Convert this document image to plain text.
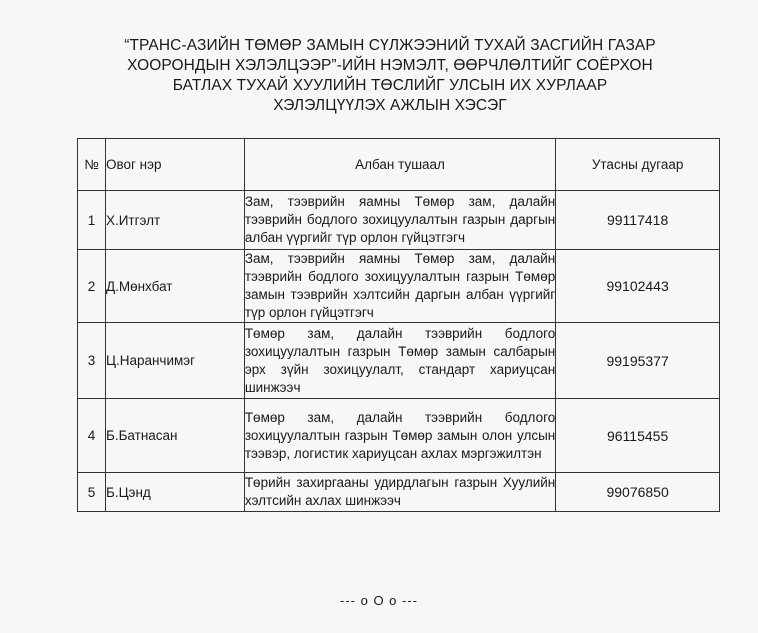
“ТРАНС-АЗИЙН ТӨМӨР ЗАМЫН СҮЛЖЭЭНИЙ ТУХАЙ ЗАСГИЙН ГАЗАР
ХООРОНДЫН ХЭЛЭЛЦЭЭР”-ИЙН НЭМЭЛТ, ӨӨРЧЛӨЛТИЙГ СОЁРХОН
БАТЛАХ ТУХАЙ ХУУЛИЙН ТӨСЛИЙГ УЛСЫН ИХ ХУРЛААР
ХЭЛЭЛЦҮҮЛЭХ АЖЛЫН ХЭСЭГ
№	Овог нэр	Албан тушаал	Утасны дугаар
1	Х.Итгэлт	Зам, тээврийн яамны Төмөр зам, далайн тээврийн бодлого зохицуулалтын газрын даргын албан үүргийг түр орлон гүйцэтгэгч	99117418
2	Д.Мөнхбат	Зам, тээврийн яамны Төмөр зам, далайн тээврийн бодлого зохицуулалтын газрын Төмөр замын тээврийн хэлтсийн даргын албан үүргийг түр орлон гүйцэтгэгч	99102443
3	Ц.Наранчимэг	Төмөр зам, далайн тээврийн бодлого зохицуулалтын газрын Төмөр замын салбарын эрх зүйн зохицуулалт, стандарт хариуцсан шинжээч	99195377
4	Б.Батнасан	Төмөр зам, далайн тээврийн бодлого зохицуулалтын газрын Төмөр замын олон улсын тээвэр, логистик хариуцсан ахлах мэргэжилтэн	96115455
5	Б.Цэнд	Төрийн захиргааны удирдлагын газрын Хуулийн хэлтсийн ахлах шинжээч	99076850
--- o O o ---
